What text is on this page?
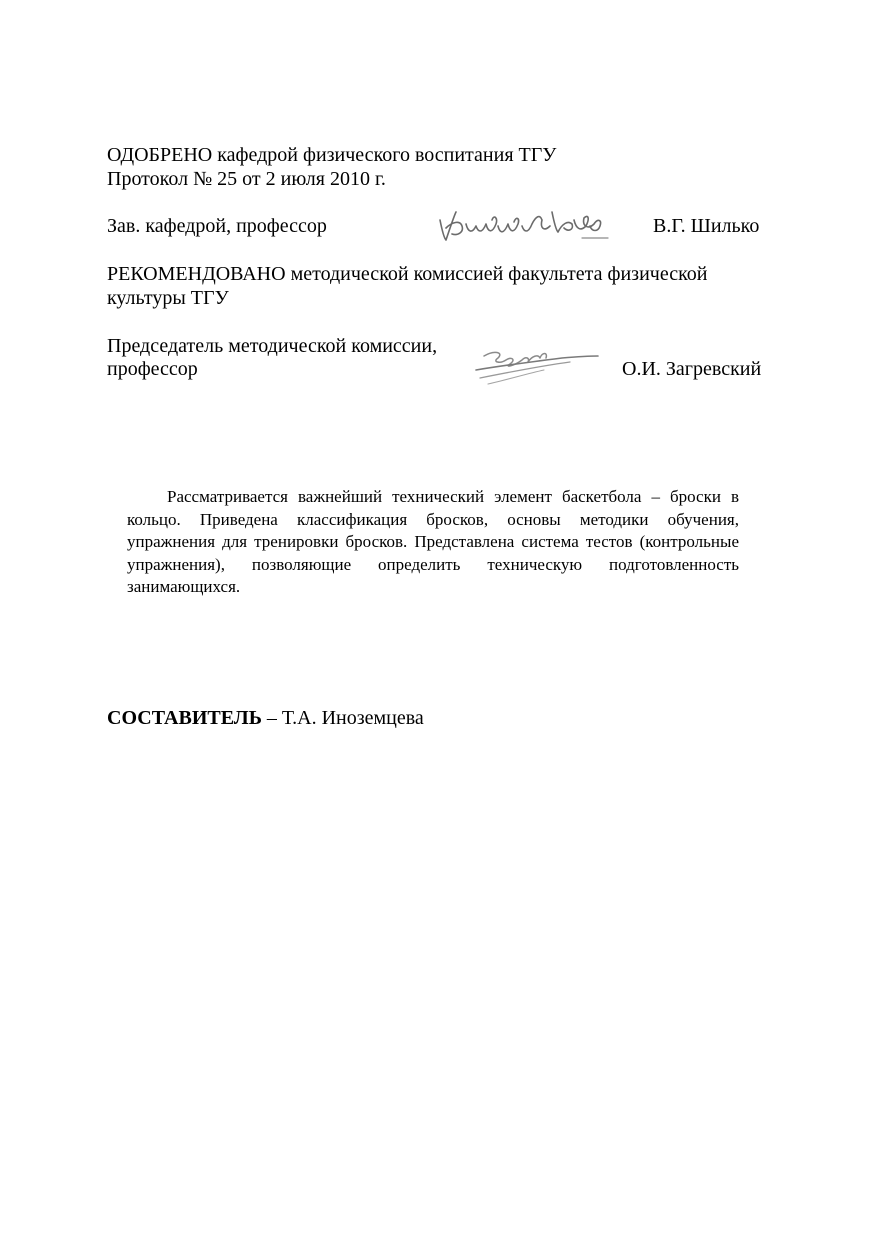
ОДОБРЕНО кафедрой физического воспитания ТГУ
Протокол № 25 от 2 июля 2010 г.
Зав. кафедрой, профессор	В.Г. Шилько
РЕКОМЕНДОВАНО методической комиссией факультета физической
культуры ТГУ
Председатель методической комиссии,
профессор	О.И. Загревский
Рассматривается важнейший технический элемент баскетбола – броски в кольцо. Приведена классификация бросков, основы методики обучения, упражнения для тренировки бросков. Представлена система тестов (контрольные упражнения), позволяющие определить техническую подготовленность занимающихся.
СОСТАВИТЕЛЬ – Т.А. Иноземцева
